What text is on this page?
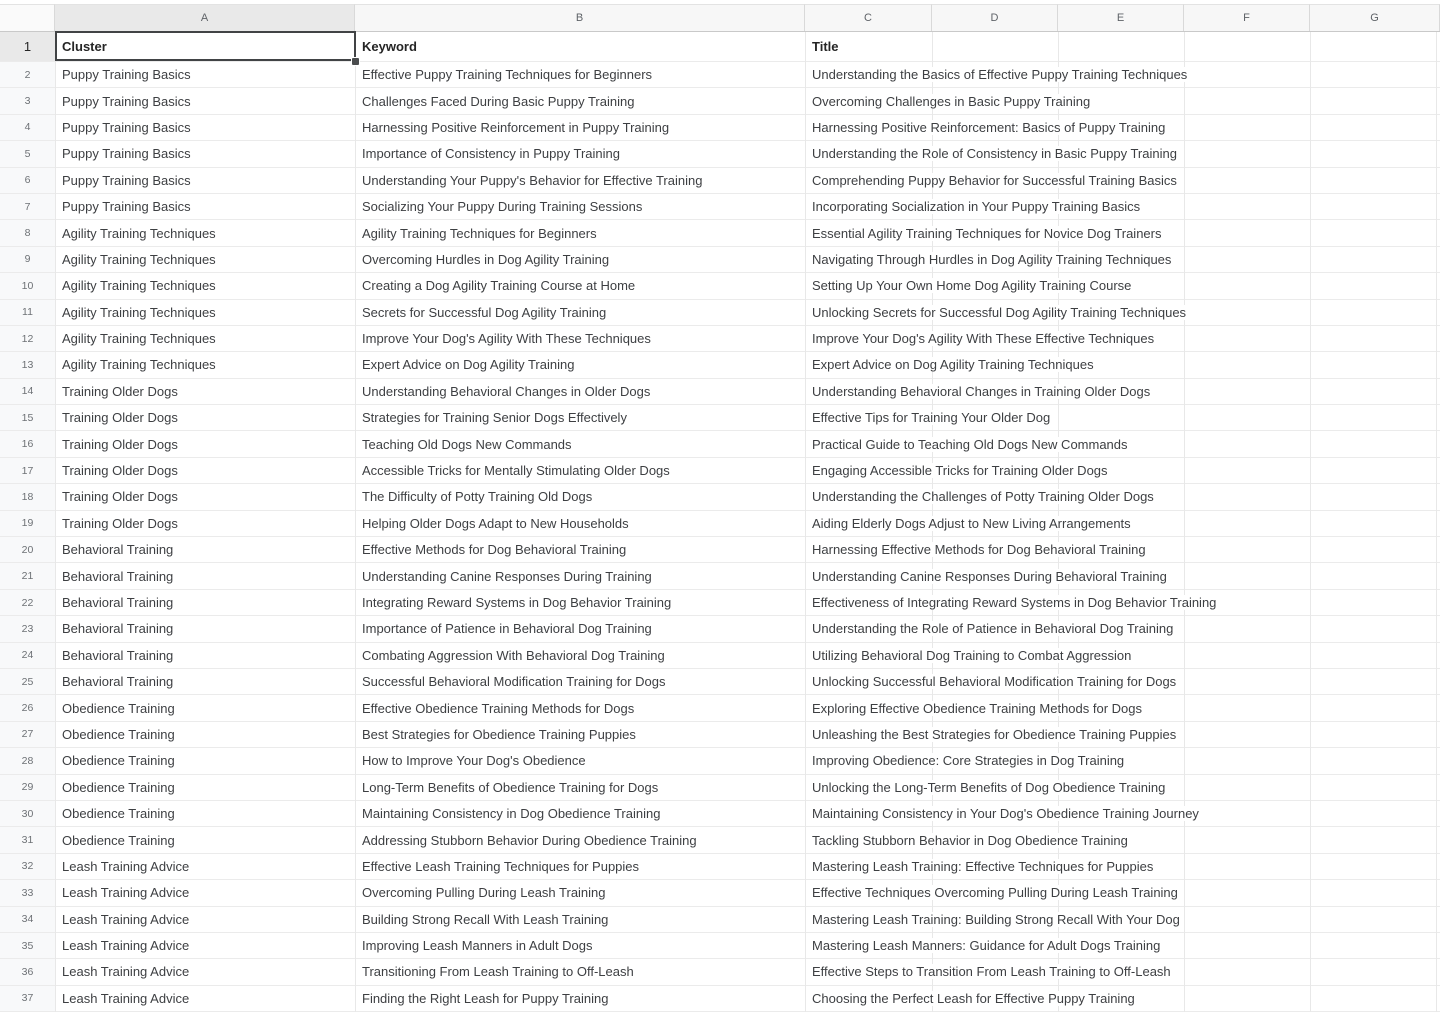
A	B	C	D	E	F	G
1 Cluster	Keyword	Title
2 Puppy Training Basics	Effective Puppy Training Techniques for Beginners	Understanding the Basics of Effective Puppy Training Techniques
3 Puppy Training Basics	Challenges Faced During Basic Puppy Training	Overcoming Challenges in Basic Puppy Training
4 Puppy Training Basics	Harnessing Positive Reinforcement in Puppy Training	Harnessing Positive Reinforcement: Basics of Puppy Training
5 Puppy Training Basics	Importance of Consistency in Puppy Training	Understanding the Role of Consistency in Basic Puppy Training
6 Puppy Training Basics	Understanding Your Puppy's Behavior for Effective Training	Comprehending Puppy Behavior for Successful Training Basics
7 Puppy Training Basics	Socializing Your Puppy During Training Sessions	Incorporating Socialization in Your Puppy Training Basics
8 Agility Training Techniques	Agility Training Techniques for Beginners	Essential Agility Training Techniques for Novice Dog Trainers
9 Agility Training Techniques	Overcoming Hurdles in Dog Agility Training	Navigating Through Hurdles in Dog Agility Training Techniques
10 Agility Training Techniques	Creating a Dog Agility Training Course at Home	Setting Up Your Own Home Dog Agility Training Course
11 Agility Training Techniques	Secrets for Successful Dog Agility Training	Unlocking Secrets for Successful Dog Agility Training Techniques
12 Agility Training Techniques	Improve Your Dog's Agility With These Techniques	Improve Your Dog's Agility With These Effective Techniques
13 Agility Training Techniques	Expert Advice on Dog Agility Training	Expert Advice on Dog Agility Training Techniques
14 Training Older Dogs	Understanding Behavioral Changes in Older Dogs	Understanding Behavioral Changes in Training Older Dogs
15 Training Older Dogs	Strategies for Training Senior Dogs Effectively	Effective Tips for Training Your Older Dog
16 Training Older Dogs	Teaching Old Dogs New Commands	Practical Guide to Teaching Old Dogs New Commands
17 Training Older Dogs	Accessible Tricks for Mentally Stimulating Older Dogs	Engaging Accessible Tricks for Training Older Dogs
18 Training Older Dogs	The Difficulty of Potty Training Old Dogs	Understanding the Challenges of Potty Training Older Dogs
19 Training Older Dogs	Helping Older Dogs Adapt to New Households	Aiding Elderly Dogs Adjust to New Living Arrangements
20 Behavioral Training	Effective Methods for Dog Behavioral Training	Harnessing Effective Methods for Dog Behavioral Training
21 Behavioral Training	Understanding Canine Responses During Training	Understanding Canine Responses During Behavioral Training
22 Behavioral Training	Integrating Reward Systems in Dog Behavior Training	Effectiveness of Integrating Reward Systems in Dog Behavior Training
23 Behavioral Training	Importance of Patience in Behavioral Dog Training	Understanding the Role of Patience in Behavioral Dog Training
24 Behavioral Training	Combating Aggression With Behavioral Dog Training	Utilizing Behavioral Dog Training to Combat Aggression
25 Behavioral Training	Successful Behavioral Modification Training for Dogs	Unlocking Successful Behavioral Modification Training for Dogs
26 Obedience Training	Effective Obedience Training Methods for Dogs	Exploring Effective Obedience Training Methods for Dogs
27 Obedience Training	Best Strategies for Obedience Training Puppies	Unleashing the Best Strategies for Obedience Training Puppies
28 Obedience Training	How to Improve Your Dog's Obedience	Improving Obedience: Core Strategies in Dog Training
29 Obedience Training	Long-Term Benefits of Obedience Training for Dogs	Unlocking the Long-Term Benefits of Dog Obedience Training
30 Obedience Training	Maintaining Consistency in Dog Obedience Training	Maintaining Consistency in Your Dog's Obedience Training Journey
31 Obedience Training	Addressing Stubborn Behavior During Obedience Training	Tackling Stubborn Behavior in Dog Obedience Training
32 Leash Training Advice	Effective Leash Training Techniques for Puppies	Mastering Leash Training: Effective Techniques for Puppies
33 Leash Training Advice	Overcoming Pulling During Leash Training	Effective Techniques Overcoming Pulling During Leash Training
34 Leash Training Advice	Building Strong Recall With Leash Training	Mastering Leash Training: Building Strong Recall With Your Dog
35 Leash Training Advice	Improving Leash Manners in Adult Dogs	Mastering Leash Manners: Guidance for Adult Dogs Training
36 Leash Training Advice	Transitioning From Leash Training to Off-Leash	Effective Steps to Transition From Leash Training to Off-Leash
37 Leash Training Advice	Finding the Right Leash for Puppy Training	Choosing the Perfect Leash for Effective Puppy Training
